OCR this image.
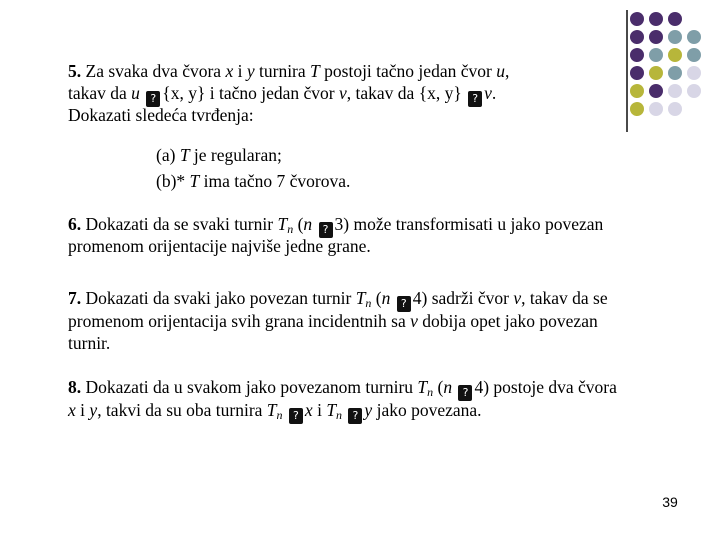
5. Za svaka dva čvora x i y turnira T postoji tačno jedan čvor u,
takav da u ? {x, y} i tačno jedan čvor v, takav da {x, y} ? v.
Dokazati sledeća tvrđenja:
(a) T je regularan;
(b)* T ima tačno 7 čvorova.
6. Dokazati da se svaki turnir $T_n$ (n ? 3) može transformisati u jako povezan
promenom orijentacije najviše jedne grane.
7. Dokazati da svaki jako povezan turnir $T_n$ (n ? 4) sadrži čvor v, takav da se
promenom orijentacija svih grana incidentnih sa v dobija opet jako povezan
turnir.
8. Dokazati da u svakom jako povezanom turniru $T_n$ (n ? 4) postoje dva čvora
x i y, takvi da su oba turnira $T_n$ ? x i $T_n$ ? y jako povezana.
39
